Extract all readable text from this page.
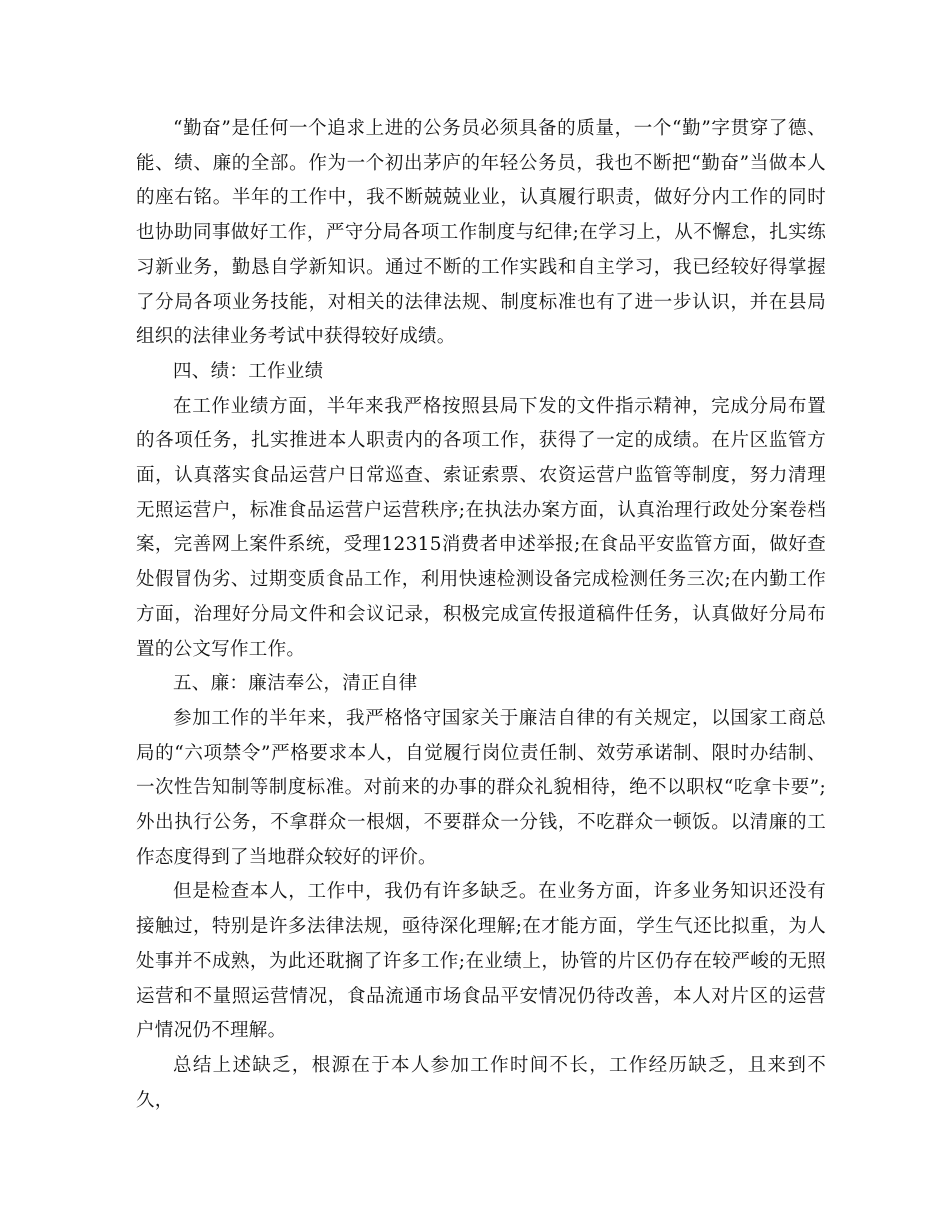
“勤奋”是任何一个追求上进的公务员必须具备的质量，一个“勤”字贯穿了德、能、绩、廉的全部。作为一个初出茅庐的年轻公务员，我也不断把“勤奋”当做本人的座右铭。半年的工作中，我不断兢兢业业，认真履行职责，做好分内工作的同时也协助同事做好工作，严守分局各项工作制度与纪律;在学习上，从不懈怠，扎实练习新业务，勤恳自学新知识。通过不断的工作实践和自主学习，我已经较好得掌握了分局各项业务技能，对相关的法律法规、制度标准也有了进一步认识，并在县局组织的法律业务考试中获得较好成绩。

四、绩：工作业绩

在工作业绩方面，半年来我严格按照县局下发的文件指示精神，完成分局布置的各项任务，扎实推进本人职责内的各项工作，获得了一定的成绩。在片区监管方面，认真落实食品运营户日常巡查、索证索票、农资运营户监管等制度，努力清理无照运营户，标准食品运营户运营秩序;在执法办案方面，认真治理行政处分案卷档案，完善网上案件系统，受理12315消费者申述举报;在食品平安监管方面，做好查处假冒伪劣、过期变质食品工作，利用快速检测设备完成检测任务三次;在内勤工作方面，治理好分局文件和会议记录，积极完成宣传报道稿件任务，认真做好分局布置的公文写作工作。

五、廉：廉洁奉公，清正自律

参加工作的半年来，我严格恪守国家关于廉洁自律的有关规定，以国家工商总局的“六项禁令”严格要求本人，自觉履行岗位责任制、效劳承诺制、限时办结制、一次性告知制等制度标准。对前来的办事的群众礼貌相待，绝不以职权“吃拿卡要”;外出执行公务，不拿群众一根烟，不要群众一分钱，不吃群众一顿饭。以清廉的工作态度得到了当地群众较好的评价。

但是检查本人，工作中，我仍有许多缺乏。在业务方面，许多业务知识还没有接触过，特别是许多法律法规，亟待深化理解;在才能方面，学生气还比拟重，为人处事并不成熟，为此还耽搁了许多工作;在业绩上，协管的片区仍存在较严峻的无照运营和不量照运营情况，食品流通市场食品平安情况仍待改善，本人对片区的运营户情况仍不理解。

总结上述缺乏，根源在于本人参加工作时间不长，工作经历缺乏，且来到不久，
